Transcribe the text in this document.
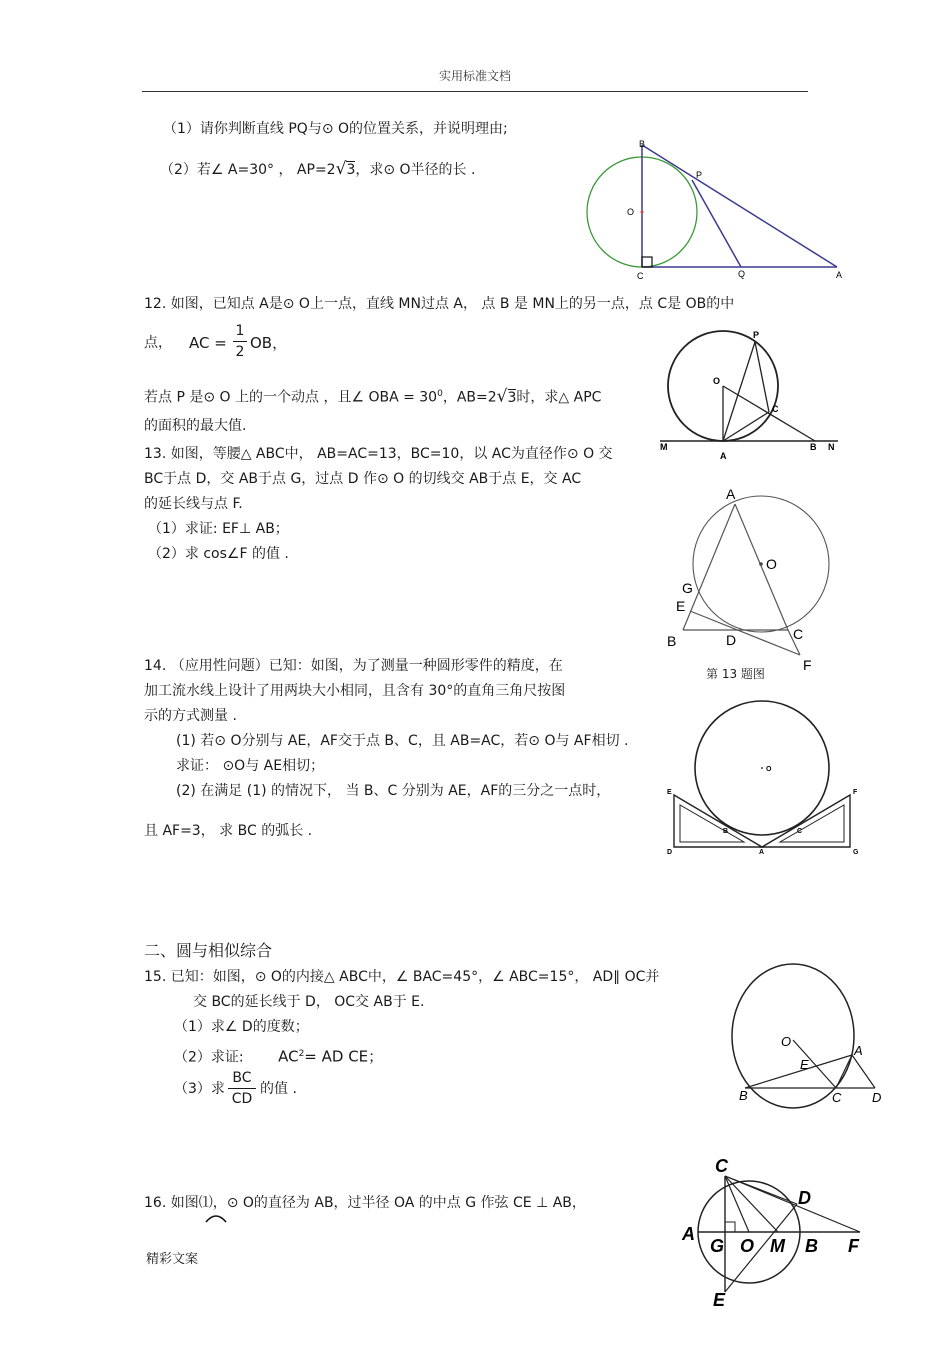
实用标准文档
（1）请你判断直线 PQ与⊙ O的位置关系，并说明理由;
（2）若∠ A=30° ， AP=2√3，求⊙ O半径的长 .
B
P
O
C	Q	A
12. 如图，已知点 A是⊙ O上一点，直线 MN过点 A， 点 B 是 MN上的另一点，点 C是 OB的中
点， AC =
1
2 OB，
若点 P 是⊙ O 上的一个动点 ，且∠ OBA = $30^0$，AB=2√3时，求△ APC
的面积的最大值.
P
O
C
M
A
B N
13. 如图，等腰△ ABC中， AB=AC=13，BC=10，以 AC为直径作⊙ O 交
BC于点 D，交 AB于点 G，过点 D 作⊙ O 的切线交 AB于点 E，交 AC
的延长线与点 F.
（1）求证: EF⊥ AB；
（2）求 cos∠F 的值 .
A
O
G
E
B	D	C
F
第 13 题图
14. （应用性问题）已知：如图，为了测量一种圆形零件的精度，在
加工流水线上设计了用两块大小相同，且含有 30°的直角三角尺按图
示的方式测量 .
(1) 若⊙ O分别与 AE，AF交于点 B、C，且 AB=AC，若⊙ O与 AF相切 .
求证： ⊙O与 AE相切；
(2) 在满足 (1) 的情况下， 当 B、C 分别为 AE，AF的三分之一点时，
且 AF=3， 求 BC 的弧长 .
O
E	F
B	C
D	A	G
二、圆与相似综合
15. 已知：如图，⊙ O的内接△ ABC中，∠ BAC=45°，∠ ABC=15°， AD∥ OC并
交 BC的延长线于 D， OC交 AB于 E.
（1）求∠ D的度数；
（2）求证: $AC^2=$ AD CE；
（3）求
BC
CD
的值 .
O
A
E
B	C D
16. 如图⑴，⊙ O的直径为 AB，过半径 OA 的中点 G 作弦 CE ⊥ AB，
C
D
A
G O M B F
E
精彩文案
